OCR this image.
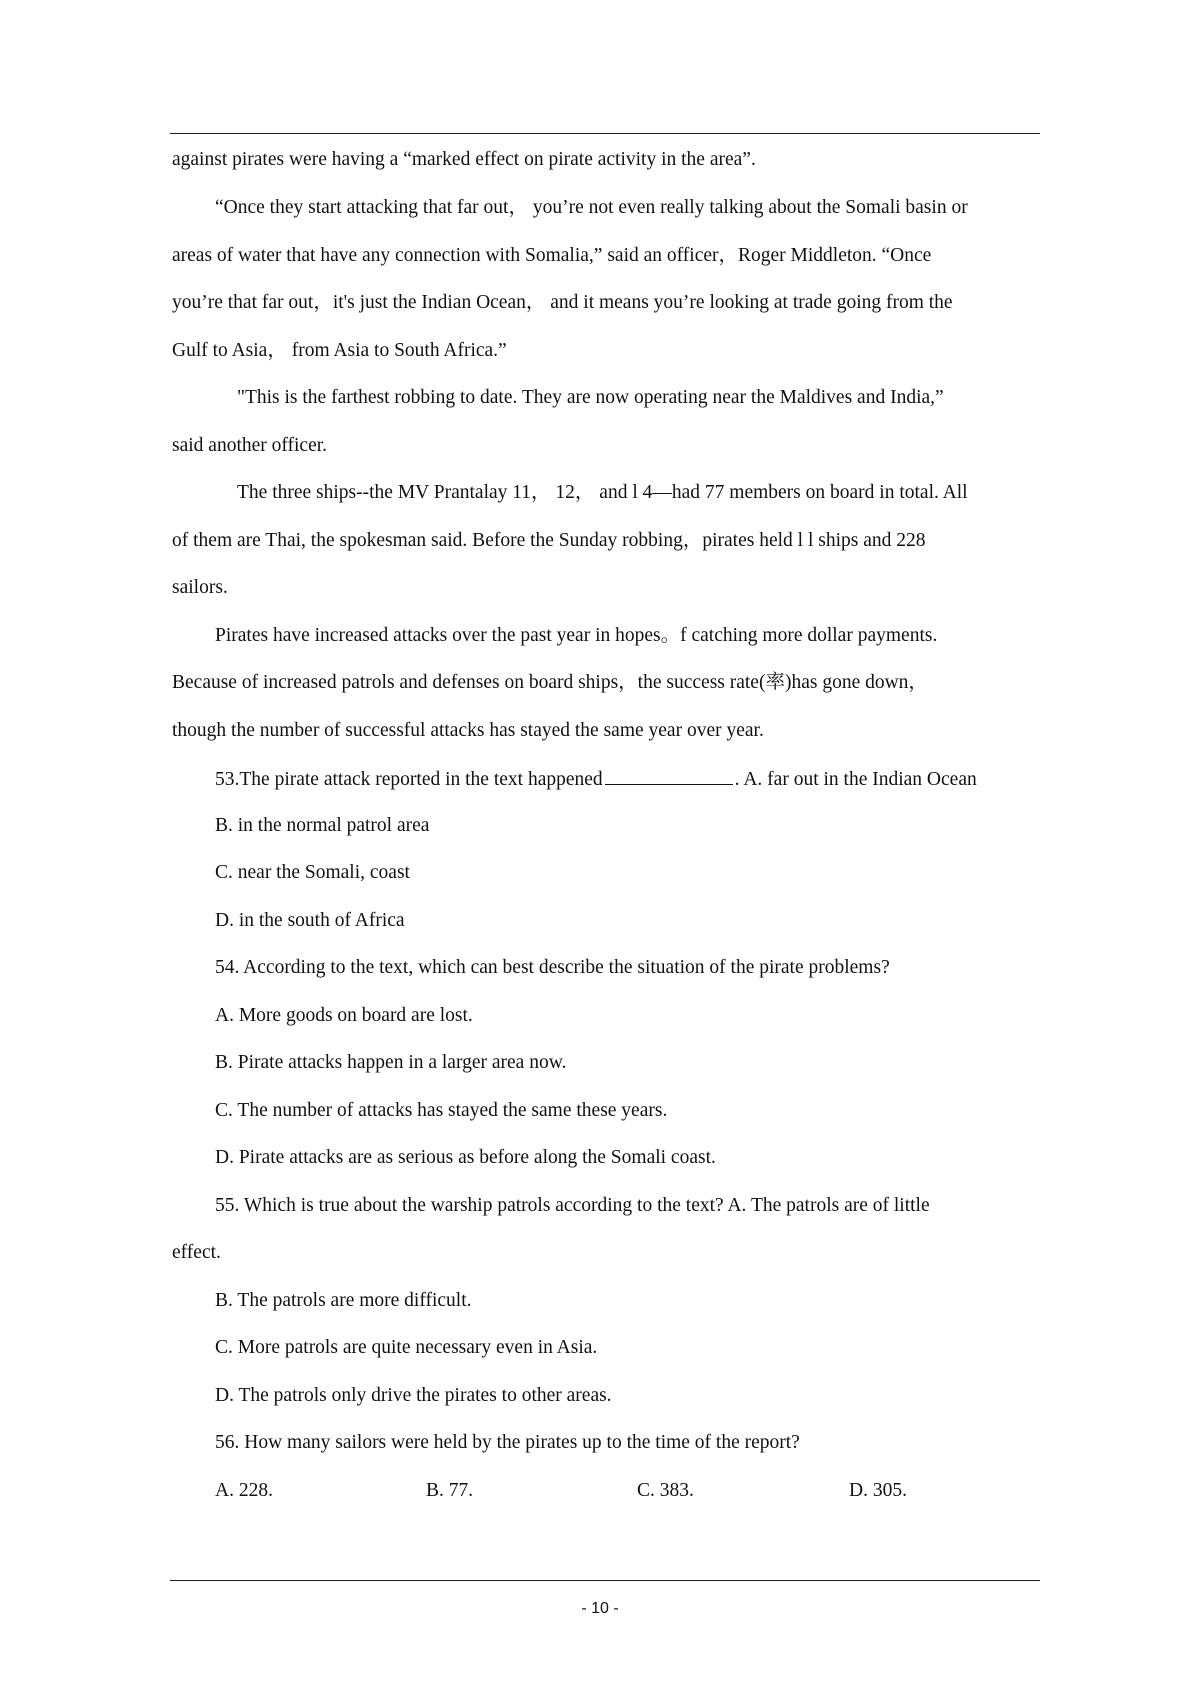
against pirates were having a “marked effect on pirate activity in the area”.
“Once they start attacking that far out， you’re not even really talking about the Somali basin or
areas of water that have any connection with Somalia,” said an officer，Roger Middleton. “Once
you’re that far out，it's just the Indian Ocean， and it means you’re looking at trade going from the
Gulf to Asia， from Asia to South Africa.”
"This is the farthest robbing to date. They are now operating near the Maldives and India,”
said another officer.
The three ships--the MV Prantalay 11， 12， and l 4—had 77 members on board in total. All
of them are Thai, the spokesman said. Before the Sunday robbing，pirates held l l ships and 228
sailors.
Pirates have increased attacks over the past year in hopes。f catching more dollar payments.
Because of increased patrols and defenses on board ships，the success rate(率)has gone down，
though the number of successful attacks has stayed the same year over year.
53.The pirate attack reported in the text happened	. A. far out in the Indian Ocean
B. in the normal patrol area
C. near the Somali, coast
D. in the south of Africa
54. According to the text, which can best describe the situation of the pirate problems?
A. More goods on board are lost.
B. Pirate attacks happen in a larger area now.
C. The number of attacks has stayed the same these years.
D. Pirate attacks are as serious as before along the Somali coast.
55. Which is true about the warship patrols according to the text? A. The patrols are of little
effect.
B. The patrols are more difficult.
C. More patrols are quite necessary even in Asia.
D. The patrols only drive the pirates to other areas.
56. How many sailors were held by the pirates up to the time of the report?
A. 228.	B. 77.	C. 383.	D. 305.
- 10 -
